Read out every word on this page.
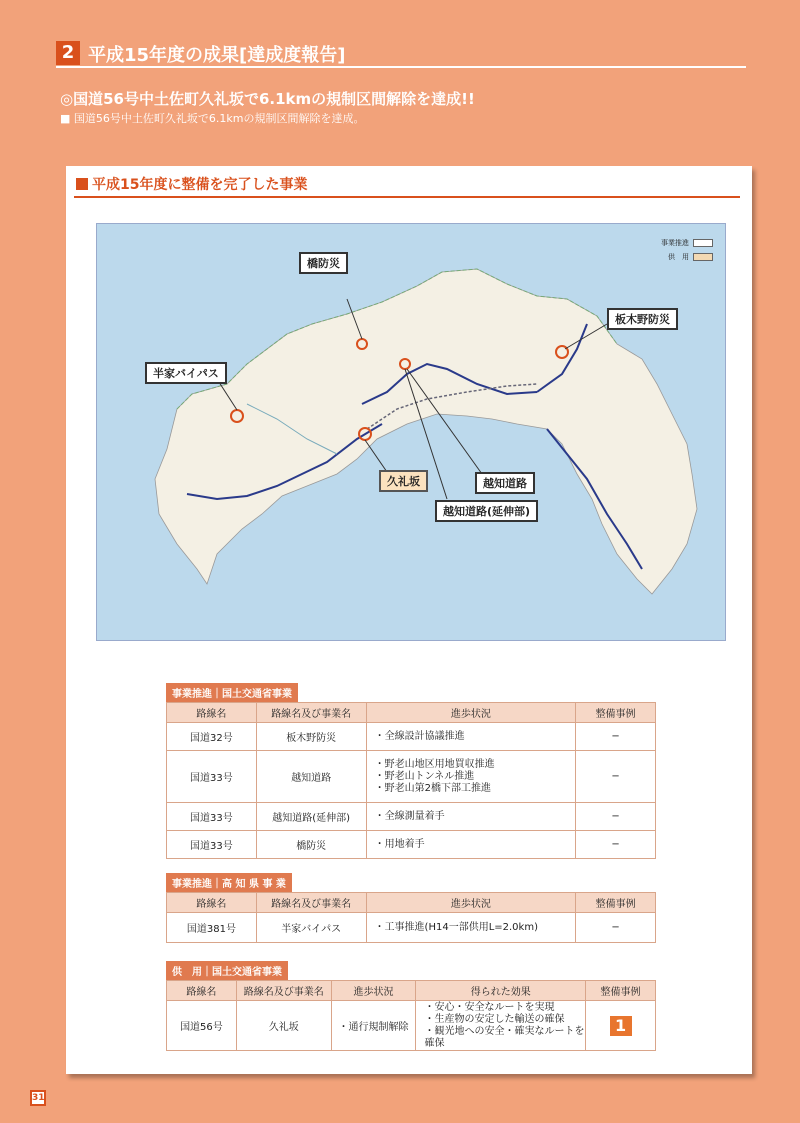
2 平成15年度の成果[達成度報告]
◎国道56号中土佐町久礼坂で6.1kmの規制区間解除を達成!!
■ 国道56号中土佐町久礼坂で6.1kmの規制区間解除を達成。
平成15年度に整備を完了した事業
事業推進
供　用
橋防災
板木野防災
半家バイパス
久礼坂	越知道路
越知道路(延伸部)
事業推進｜国土交通省事業
路線名	路線名及び事業名	進歩状況	整備事例
国道32号	板木野防災	・全線設計協議推進	−
国道33号	越知道路	・野老山地区用地買収推進
・野老山トンネル推進
・野老山第2橋下部工推進	−
国道33号	越知道路(延伸部)	・全線測量着手	−
国道33号	橋防災	・用地着手	−
事業推進｜高 知 県 事 業
路線名	路線名及び事業名	進歩状況	整備事例
国道381号	半家バイパス	・工事推進(H14一部供用L=2.0km)	−
供　用｜国土交通省事業
路線名	路線名及び事業名	進歩状況	得られた効果	整備事例
国道56号	久礼坂	・通行規制解除	・安心・安全なルートを実現
・生産物の安定した輸送の確保
・観光地への安全・確実なルートを確保	1
31
